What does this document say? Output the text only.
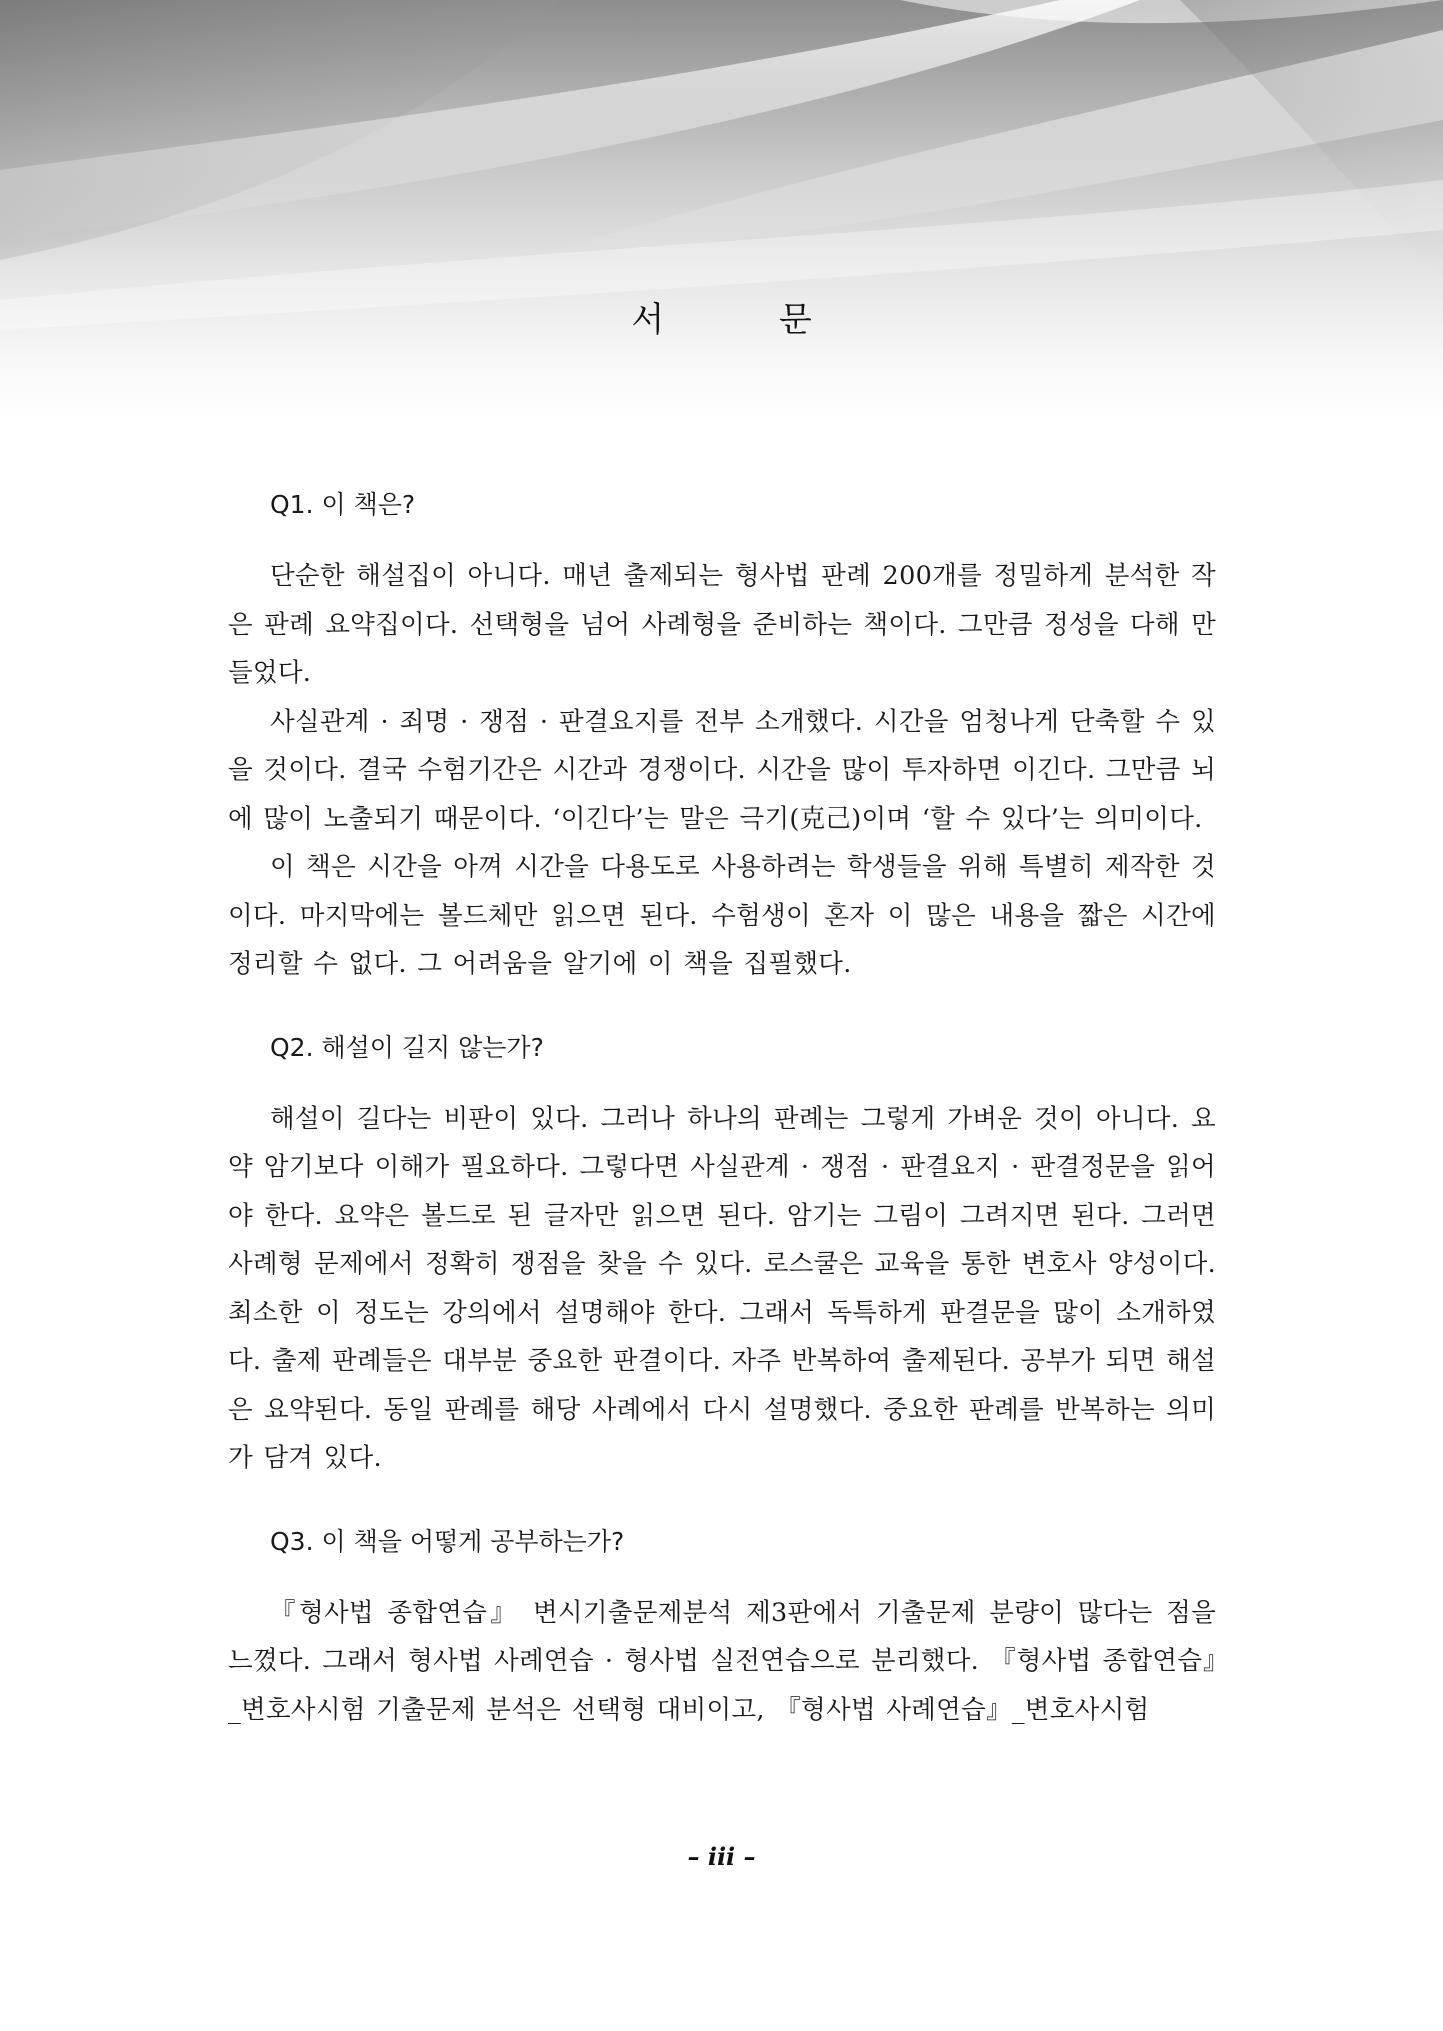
서 문
Q1. 이 책은?

단순한 해설집이 아니다. 매년 출제되는 형사법 판례 200개를 정밀하게 분석한 작은 판례 요약집이다. 선택형을 넘어 사례형을 준비하는 책이다. 그만큼 정성을 다해 만들었다.

사실관계 · 죄명 · 쟁점 · 판결요지를 전부 소개했다. 시간을 엄청나게 단축할 수 있을 것이다. 결국 수험기간은 시간과 경쟁이다. 시간을 많이 투자하면 이긴다. 그만큼 뇌에 많이 노출되기 때문이다. ‘이긴다’는 말은 극기(克己)이며 ‘할 수 있다’는 의미이다.

이 책은 시간을 아껴 시간을 다용도로 사용하려는 학생들을 위해 특별히 제작한 것이다. 마지막에는 볼드체만 읽으면 된다. 수험생이 혼자 이 많은 내용을 짧은 시간에 정리할 수 없다. 그 어려움을 알기에 이 책을 집필했다.

Q2. 해설이 길지 않는가?

해설이 길다는 비판이 있다. 그러나 하나의 판례는 그렇게 가벼운 것이 아니다. 요약 암기보다 이해가 필요하다. 그렇다면 사실관계 · 쟁점 · 판결요지 · 판결정문을 읽어야 한다. 요약은 볼드로 된 글자만 읽으면 된다. 암기는 그림이 그려지면 된다. 그러면 사례형 문제에서 정확히 쟁점을 찾을 수 있다. 로스쿨은 교육을 통한 변호사 양성이다. 최소한 이 정도는 강의에서 설명해야 한다. 그래서 독특하게 판결문을 많이 소개하였다. 출제 판례들은 대부분 중요한 판결이다. 자주 반복하여 출제된다. 공부가 되면 해설은 요약된다. 동일 판례를 해당 사례에서 다시 설명했다. 중요한 판례를 반복하는 의미가 담겨 있다.

Q3. 이 책을 어떻게 공부하는가?

『형사법 종합연습』 변시기출문제분석 제3판에서 기출문제 분량이 많다는 점을 느꼈다. 그래서 형사법 사례연습 · 형사법 실전연습으로 분리했다. 『형사법 종합연습』_변호사시험 기출문제 분석은 선택형 대비이고, 『형사법 사례연습』_변호사시험

– iii –
